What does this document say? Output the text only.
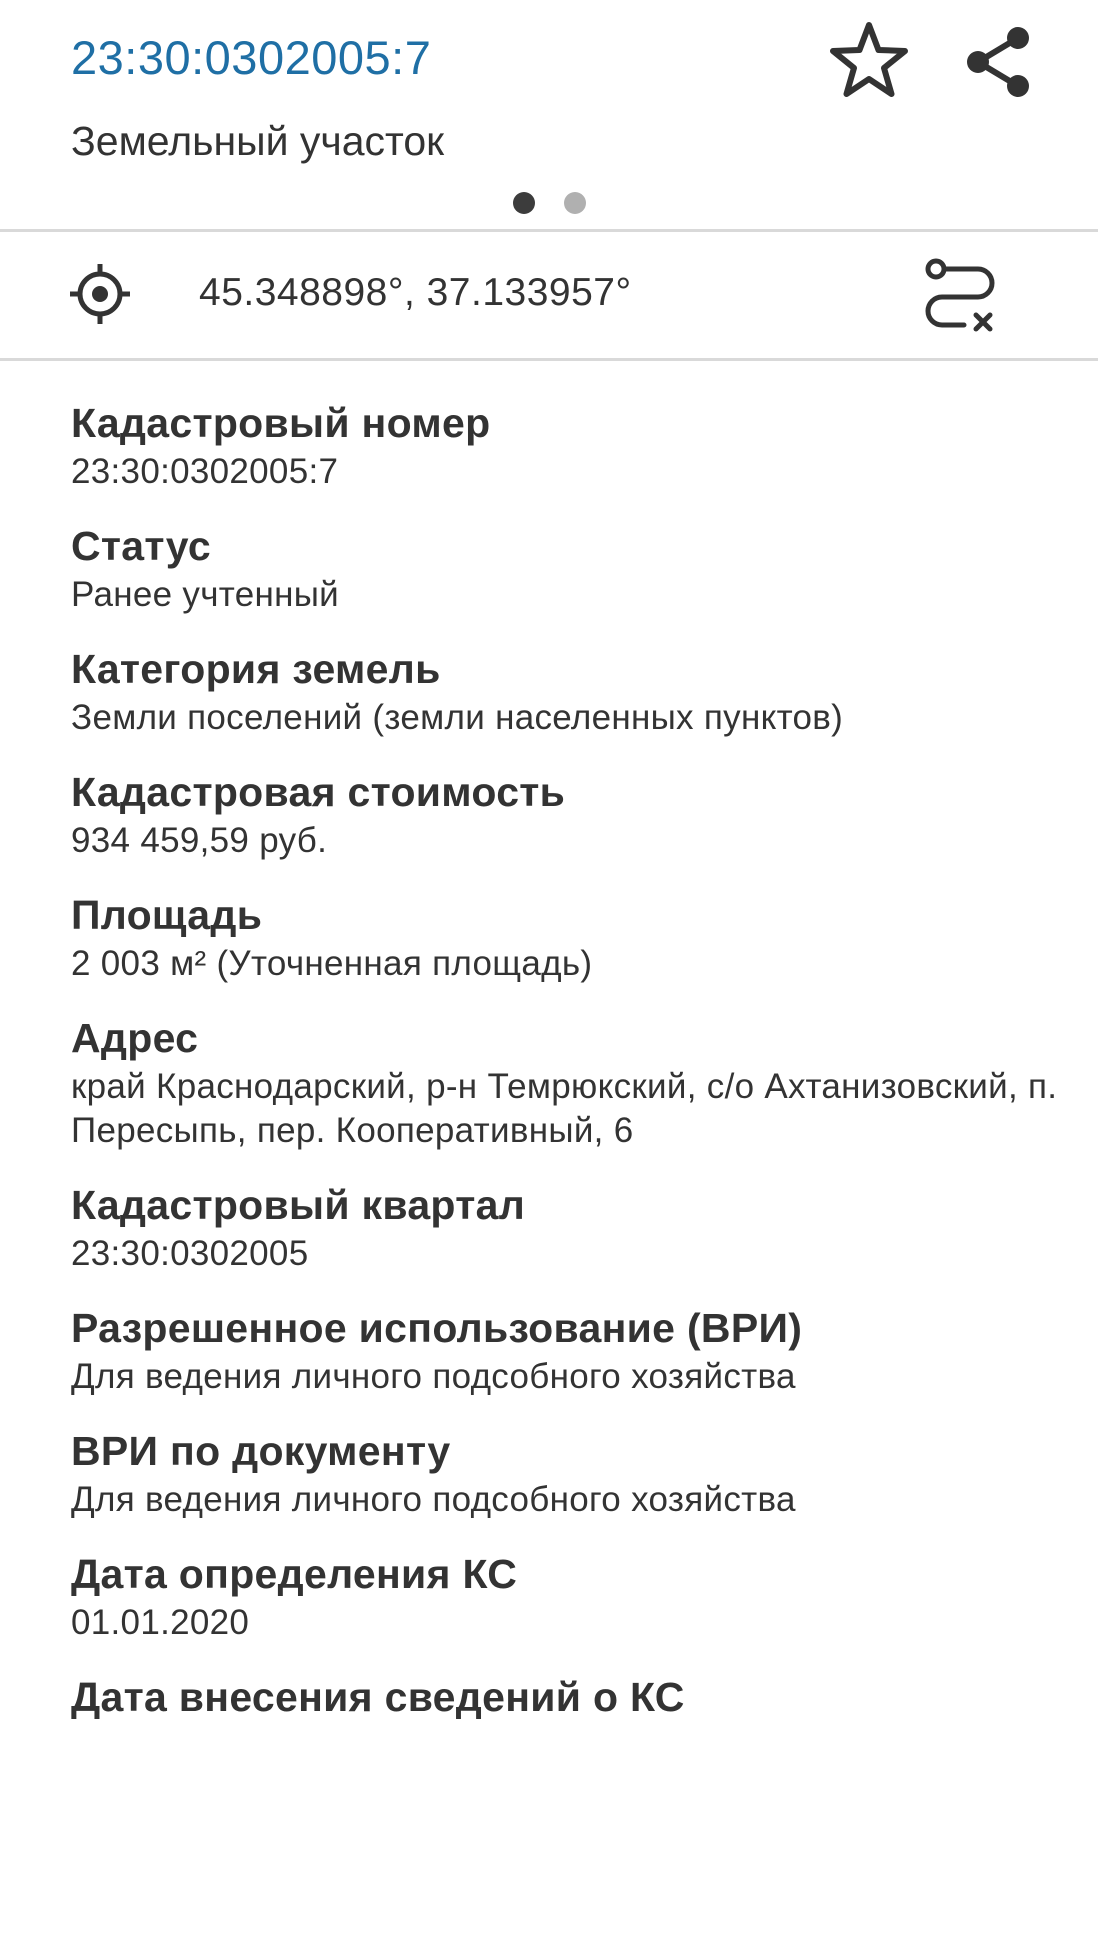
23:30:0302005:7
Земельный участок
45.348898°, 37.133957°
Кадастровый номер
23:30:0302005:7
Статус
Ранее учтенный
Категория земель
Земли поселений (земли населенных пунктов)
Кадастровая стоимость
934 459,59 руб.
Площадь
2 003 м² (Уточненная площадь)
Адрес
край Краснодарский, р-н Темрюкский, с/о Ахтанизовский, п. Пересыпь, пер. Кооперативный, 6
Кадастровый квартал
23:30:0302005
Разрешенное использование (ВРИ)
Для ведения личного подсобного хозяйства
ВРИ по документу
Для ведения личного подсобного хозяйства
Дата определения КС
01.01.2020
Дата внесения сведений о КС
